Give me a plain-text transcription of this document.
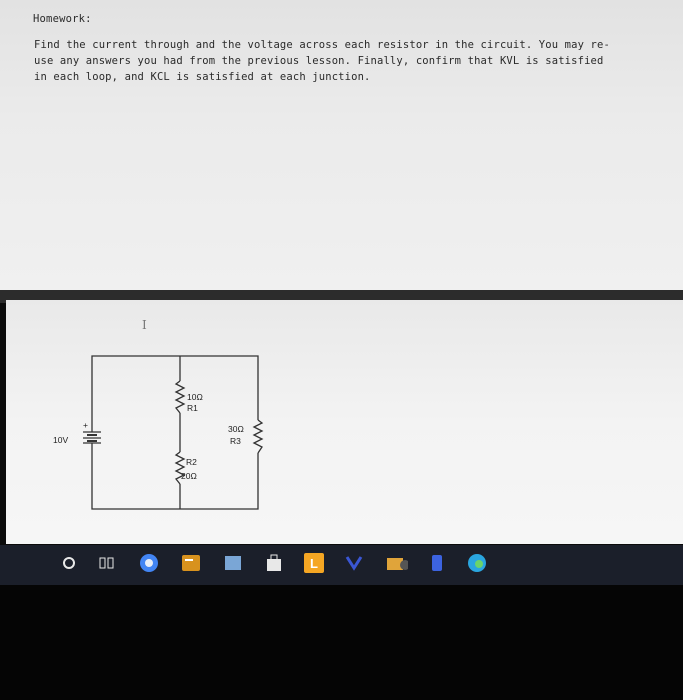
Homework:
Find the current through and the voltage across each resistor in the circuit. You may re-
use any answers you had from the previous lesson. Finally, confirm that KVL is satisfied
in each loop, and KCL is satisfied at each junction.
I
+
10V
10Ω
R1
R2
20Ω
30Ω
R3
L
